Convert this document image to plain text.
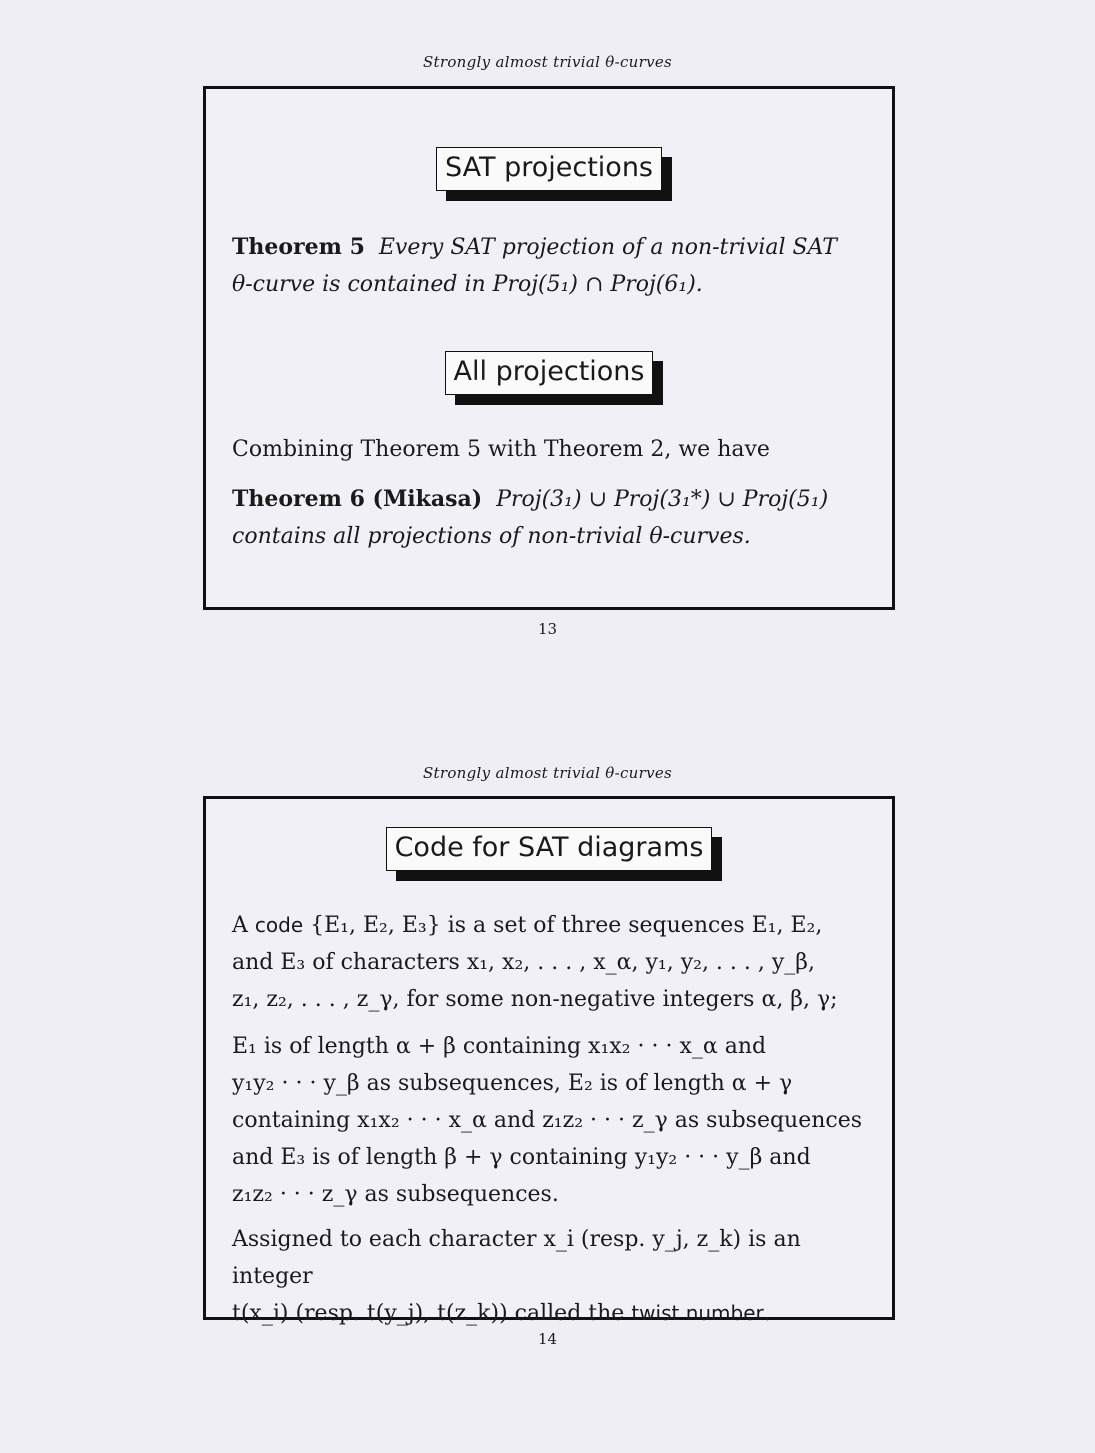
Strongly almost trivial θ-curves
SAT projections
Theorem 5 Every SAT projection of a non-trivial SAT
θ-curve is contained in Proj(5₁) ∩ Proj(6₁).
All projections
Combining Theorem 5 with Theorem 2, we have
Theorem 6 (Mikasa) Proj(3₁) ∪ Proj(3₁*) ∪ Proj(5₁)
contains all projections of non-trivial θ-curves.
13
Strongly almost trivial θ-curves
Code for SAT diagrams
A code {E₁, E₂, E₃} is a set of three sequences E₁, E₂,
and E₃ of characters x₁, x₂, . . . , x_α, y₁, y₂, . . . , y_β,
z₁, z₂, . . . , z_γ, for some non-negative integers α, β, γ;
E₁ is of length α + β containing x₁x₂ · · · x_α and
y₁y₂ · · · y_β as subsequences, E₂ is of length α + γ
containing x₁x₂ · · · x_α and z₁z₂ · · · z_γ as subsequences
and E₃ is of length β + γ containing y₁y₂ · · · y_β and
z₁z₂ · · · z_γ as subsequences.
Assigned to each character x_i (resp. y_j, z_k) is an integer
t(x_i) (resp. t(y_j), t(z_k)) called the twist number.
14
